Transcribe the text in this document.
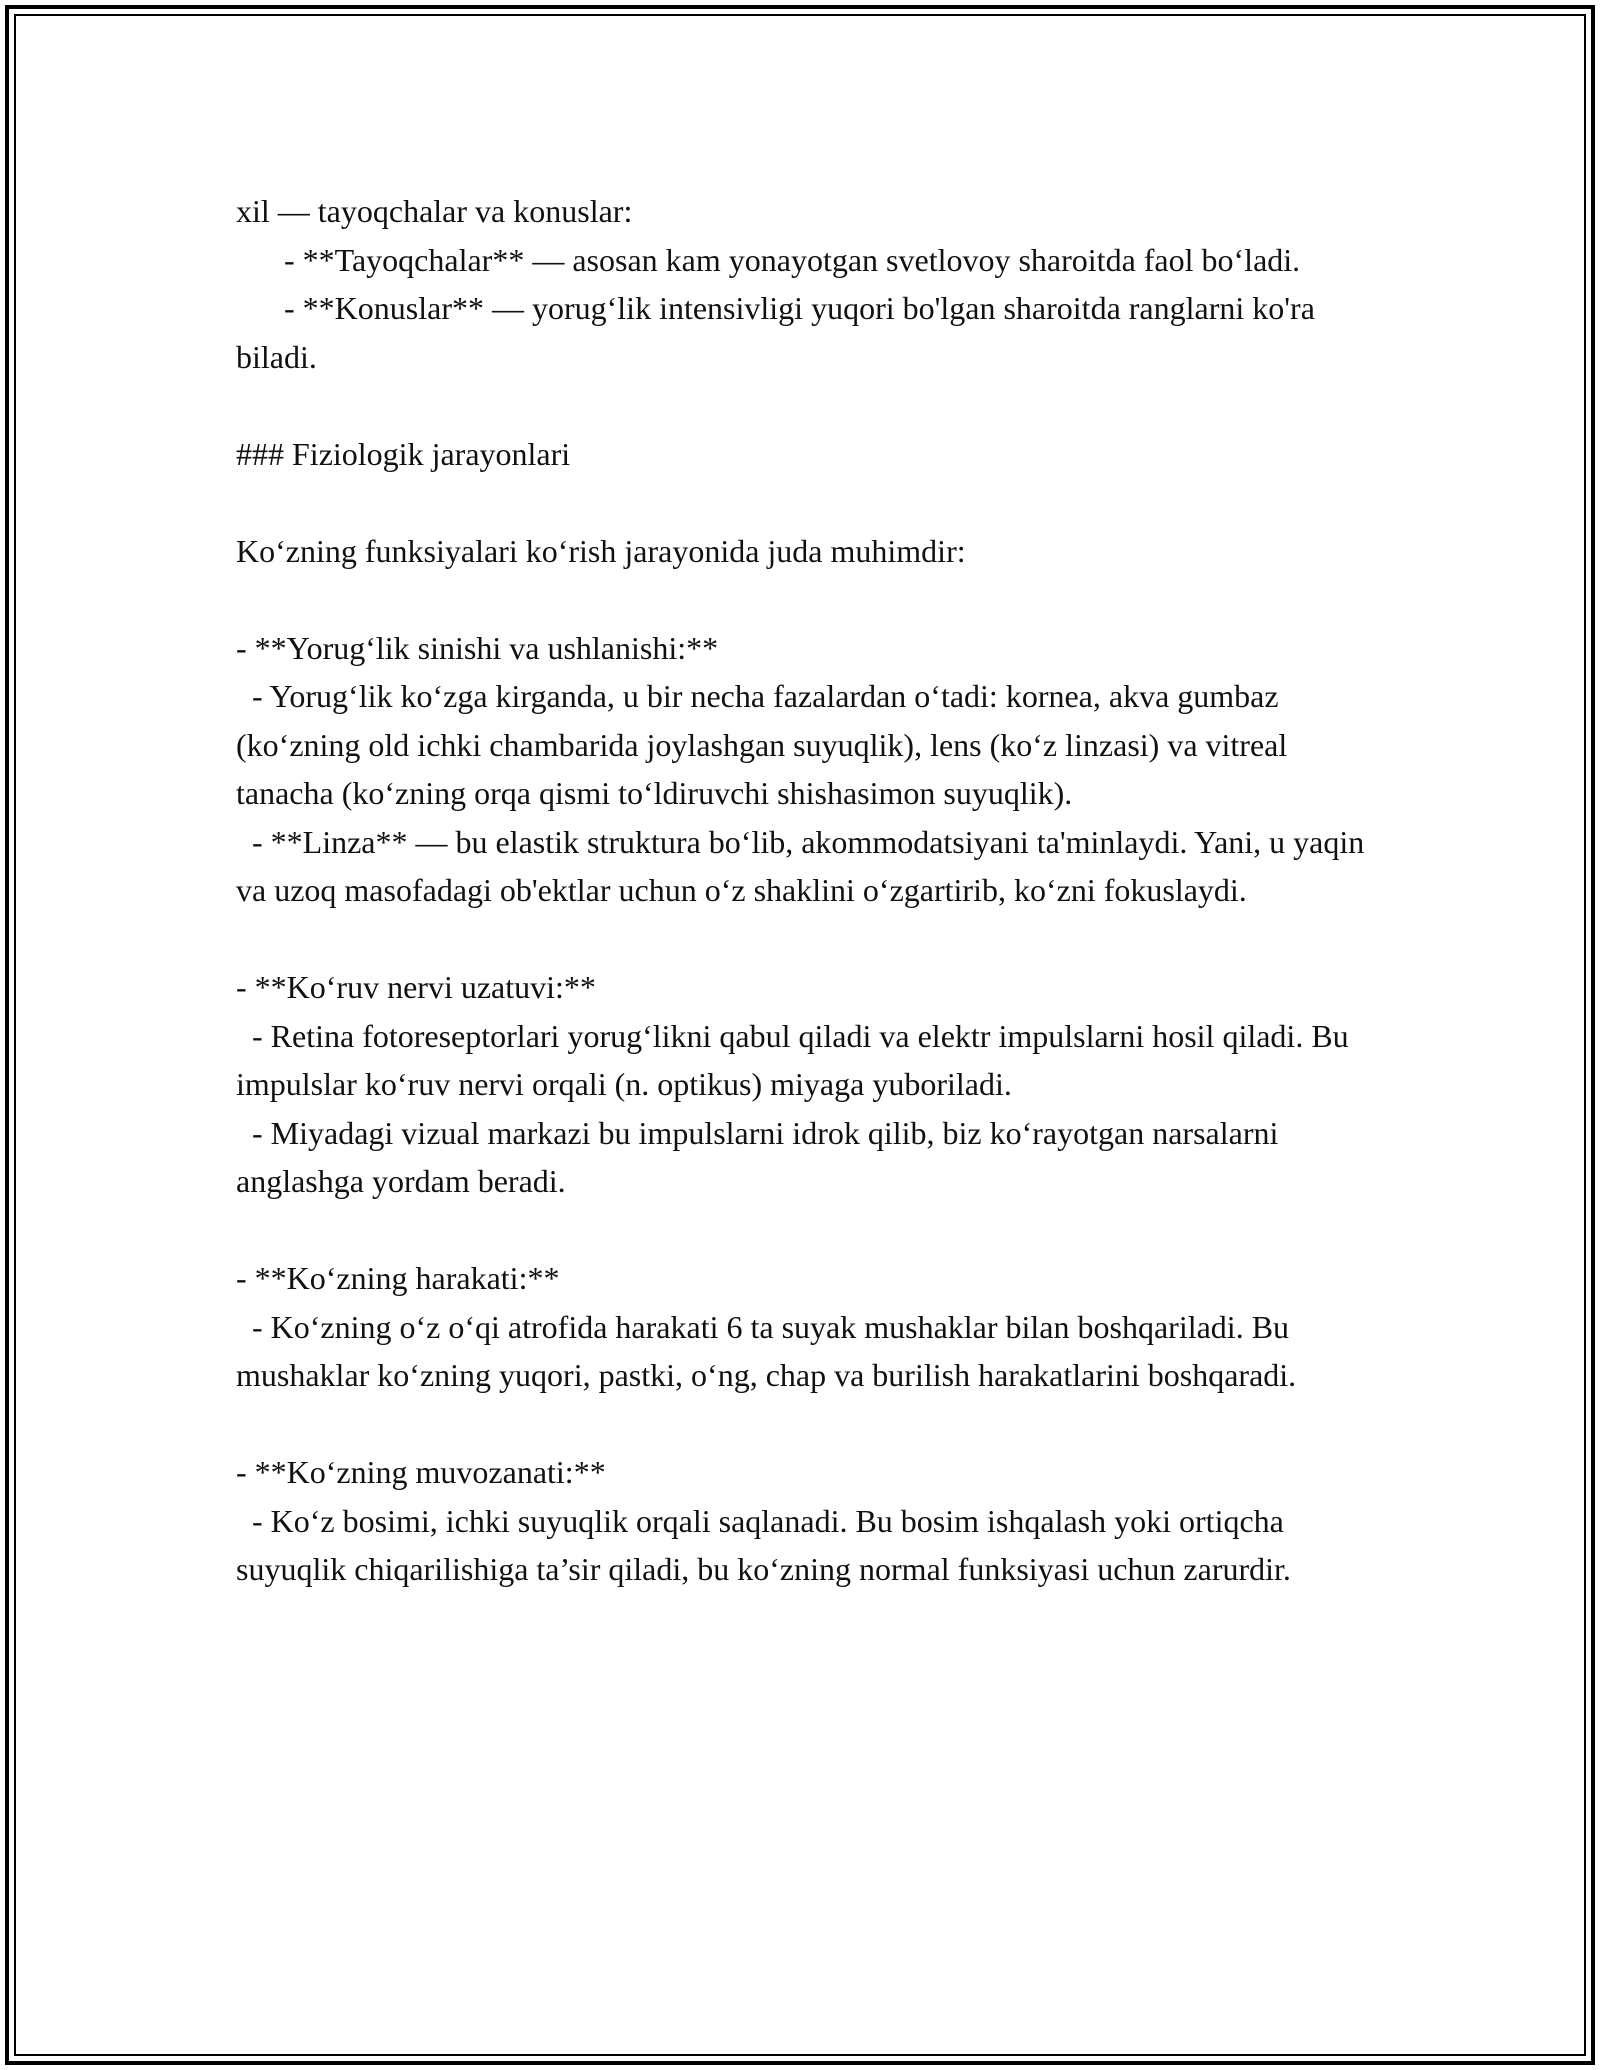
xil — tayoqchalar va konuslar:

- **Tayoqchalar** — asosan kam yonayotgan svetlovoy sharoitda faol bo‘ladi.

- **Konuslar** — yorug‘lik intensivligi yuqori bo'lgan sharoitda ranglarni ko'ra biladi.

### Fiziologik jarayonlari

Ko‘zning funksiyalari ko‘rish jarayonida juda muhimdir:

- **Yorug‘lik sinishi va ushlanishi:**

- Yorug‘lik ko‘zga kirganda, u bir necha fazalardan o‘tadi: kornea, akva gumbaz (ko‘zning old ichki chambarida joylashgan suyuqlik), lens (ko‘z linzasi) va vitreal tanacha (ko‘zning orqa qismi to‘ldiruvchi shishasimon suyuqlik).

- **Linza** — bu elastik struktura bo‘lib, akommodatsiyani ta'minlaydi. Yani, u yaqin va uzoq masofadagi ob'ektlar uchun o‘z shaklini o‘zgartirib, ko‘zni fokuslaydi.

- **Ko‘ruv nervi uzatuvi:**

- Retina fotoreseptorlari yorug‘likni qabul qiladi va elektr impulslarni hosil qiladi. Bu impulslar ko‘ruv nervi orqali (n. optikus) miyaga yuboriladi.

- Miyadagi vizual markazi bu impulslarni idrok qilib, biz ko‘rayotgan narsalarni anglashga yordam beradi.

- **Ko‘zning harakati:**

- Ko‘zning o‘z o‘qi atrofida harakati 6 ta suyak mushaklar bilan boshqariladi. Bu mushaklar ko‘zning yuqori, pastki, o‘ng, chap va burilish harakatlarini boshqaradi.

- **Ko‘zning muvozanati:**

- Ko‘z bosimi, ichki suyuqlik orqali saqlanadi. Bu bosim ishqalash yoki ortiqcha suyuqlik chiqarilishiga ta’sir qiladi, bu ko‘zning normal funksiyasi uchun zarurdir.
